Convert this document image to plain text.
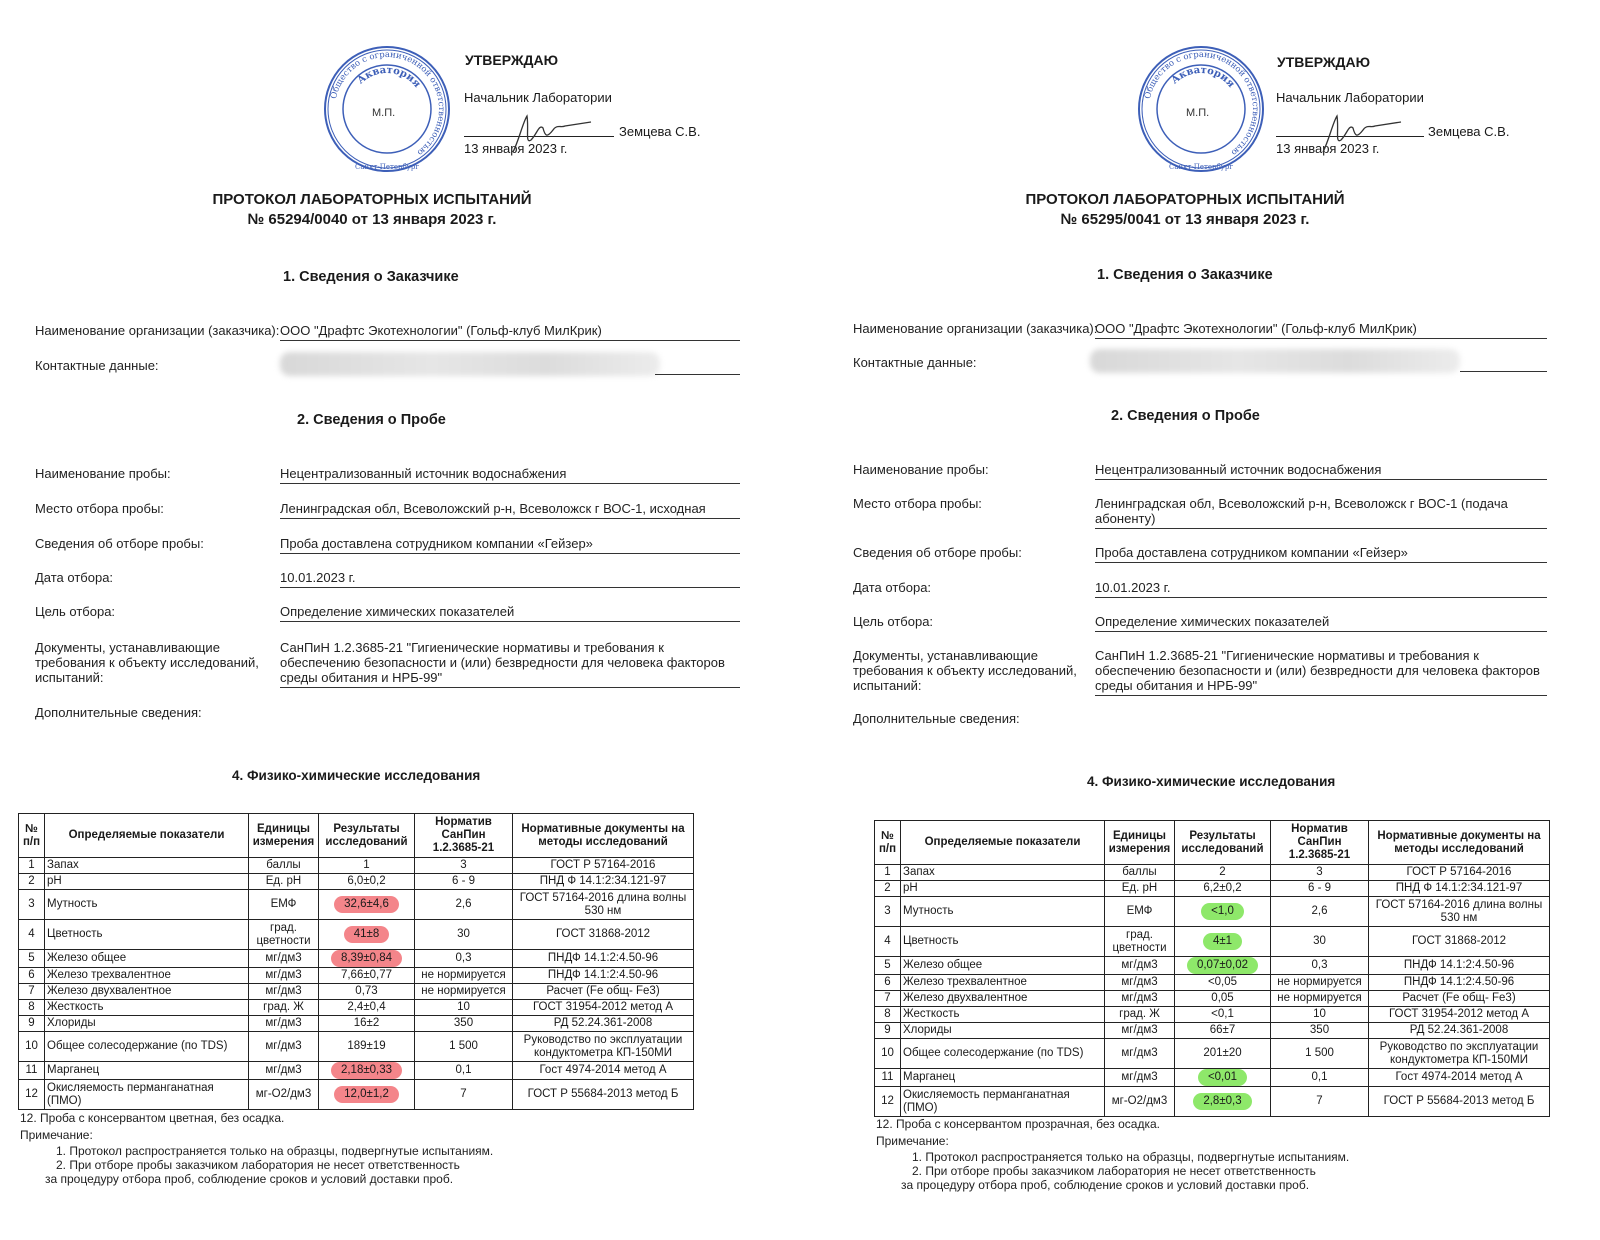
Общество с ограниченной ответственностью
Акватория
Санкт-Петербург
М.П.
УТВЕРЖДАЮ
Начальник Лаборатории
Земцева С.В.
13 января 2023 г.
ПРОТОКОЛ ЛАБОРАТОРНЫХ ИСПЫТАНИЙ
№ 65294/0040 от 13 января 2023 г.
1. Сведения о Заказчике
Наименование организации (заказчика): ООО "Драфтс Экотехнологии" (Гольф-клуб МилКрик)
Контактные данные:
2. Сведения о Пробе
Наименование пробы:	Нецентрализованный источник водоснабжения
Место отбора пробы:	Ленинградская обл, Всеволожский р-н, Всеволожск г ВОС-1, исходная
Сведения об отборе пробы:	Проба доставлена сотрудником компании «Гейзер»
Дата отбора:	10.01.2023 г.
Цель отбора:	Определение химических показателей
Документы, устанавливающие требования к объекту исследований, испытаний:
СанПиН 1.2.3685-21 "Гигиенические нормативы и требования к обеспечению безопасности и (или) безвредности для человека факторов среды обитания и НРБ-99"
Дополнительные сведения:
4. Физико-химические исследования
№ п/п	Определяемые показатели	Единицы измерения	Результаты исследований	Норматив СанПин 1.2.3685-21	Нормативные документы на методы исследований
1	Запах	баллы	1	3	ГОСТ Р 57164-2016
2	pH	Ед. pH	6,0±0,2	6 - 9	ПНД Ф 14.1:2:34.121-97
3	Мутность	ЕМФ	32,6±4,6	2,6	ГОСТ 57164-2016 длина волны 530 нм
4	Цветность	град. цветности	41±8	30	ГОСТ 31868-2012
5	Железо общее	мг/дм3	8,39±0,84	0,3	ПНДФ 14.1:2:4.50-96
6	Железо трехвалентное	мг/дм3	7,66±0,77	не нормируется	ПНДФ 14.1:2:4.50-96
7	Железо двухвалентное	мг/дм3	0,73	не нормируется	Расчет (Fe общ- Fe3)
8	Жесткость	град. Ж	2,4±0,4	10	ГОСТ 31954-2012 метод А
9	Хлориды	мг/дм3	16±2	350	РД 52.24.361-2008
10	Общее солесодержание (по TDS)	мг/дм3	189±19	1 500	Руководство по эксплуатации кондуктометра КП-150МИ
11	Марганец	мг/дм3	2,18±0,33	0,1	Гост 4974-2014 метод А
12	Окисляемость перманганатная (ПМО)	мг-О2/дм3	12,0±1,2	7	ГОСТ Р 55684-2013 метод Б
12. Проба с консервантом цветная, без осадка.
Примечание:
1. Протокол распространяется только на образцы, подвергнутые испытаниям.
2. При отборе пробы заказчиком лаборатория не несет ответственность
за процедуру отбора проб, соблюдение сроков и условий доставки проб.
Общество с ограниченной ответственностью
Акватория
Санкт-Петербург
М.П.
УТВЕРЖДАЮ
Начальник Лаборатории
Земцева С.В.
13 января 2023 г.
ПРОТОКОЛ ЛАБОРАТОРНЫХ ИСПЫТАНИЙ
№ 65295/0041 от 13 января 2023 г.
1. Сведения о Заказчике
Наименование организации (заказчика):
ООО "Драфтс Экотехнологии" (Гольф-клуб МилКрик)
Контактные данные:
2. Сведения о Пробе
Наименование пробы:	Нецентрализованный источник водоснабжения
Место отбора пробы:	Ленинградская обл, Всеволожский р-н, Всеволожск г ВОС-1 (подача абоненту)
Сведения об отборе пробы:	Проба доставлена сотрудником компании «Гейзер»
Дата отбора:	10.01.2023 г.
Цель отбора:	Определение химических показателей
Документы, устанавливающие требования к объекту исследований, испытаний:
СанПиН 1.2.3685-21 "Гигиенические нормативы и требования к обеспечению безопасности и (или) безвредности для человека факторов среды обитания и НРБ-99"
Дополнительные сведения:
4. Физико-химические исследования
№ п/п	Определяемые показатели	Единицы измерения	Результаты исследований	Норматив СанПин 1.2.3685-21	Нормативные документы на методы исследований
1	Запах	баллы	2	3	ГОСТ Р 57164-2016
2	pH	Ед. pH	6,2±0,2	6 - 9	ПНД Ф 14.1:2:34.121-97
3	Мутность	ЕМФ	<1,0	2,6	ГОСТ 57164-2016 длина волны 530 нм
4	Цветность	град. цветности	4±1	30	ГОСТ 31868-2012
5	Железо общее	мг/дм3	0,07±0,02	0,3	ПНДФ 14.1:2:4.50-96
6	Железо трехвалентное	мг/дм3	<0,05	не нормируется	ПНДФ 14.1:2:4.50-96
7	Железо двухвалентное	мг/дм3	0,05	не нормируется	Расчет (Fe общ- Fe3)
8	Жесткость	град. Ж	<0,1	10	ГОСТ 31954-2012 метод А
9	Хлориды	мг/дм3	66±7	350	РД 52.24.361-2008
10	Общее солесодержание (по TDS)	мг/дм3	201±20	1 500	Руководство по эксплуатации кондуктометра КП-150МИ
11	Марганец	мг/дм3	<0,01	0,1	Гост 4974-2014 метод А
12	Окисляемость перманганатная (ПМО)	мг-О2/дм3	2,8±0,3	7	ГОСТ Р 55684-2013 метод Б
12. Проба с консервантом прозрачная, без осадка.
Примечание:
1. Протокол распространяется только на образцы, подвергнутые испытаниям.
2. При отборе пробы заказчиком лаборатория не несет ответственность
за процедуру отбора проб, соблюдение сроков и условий доставки проб.
